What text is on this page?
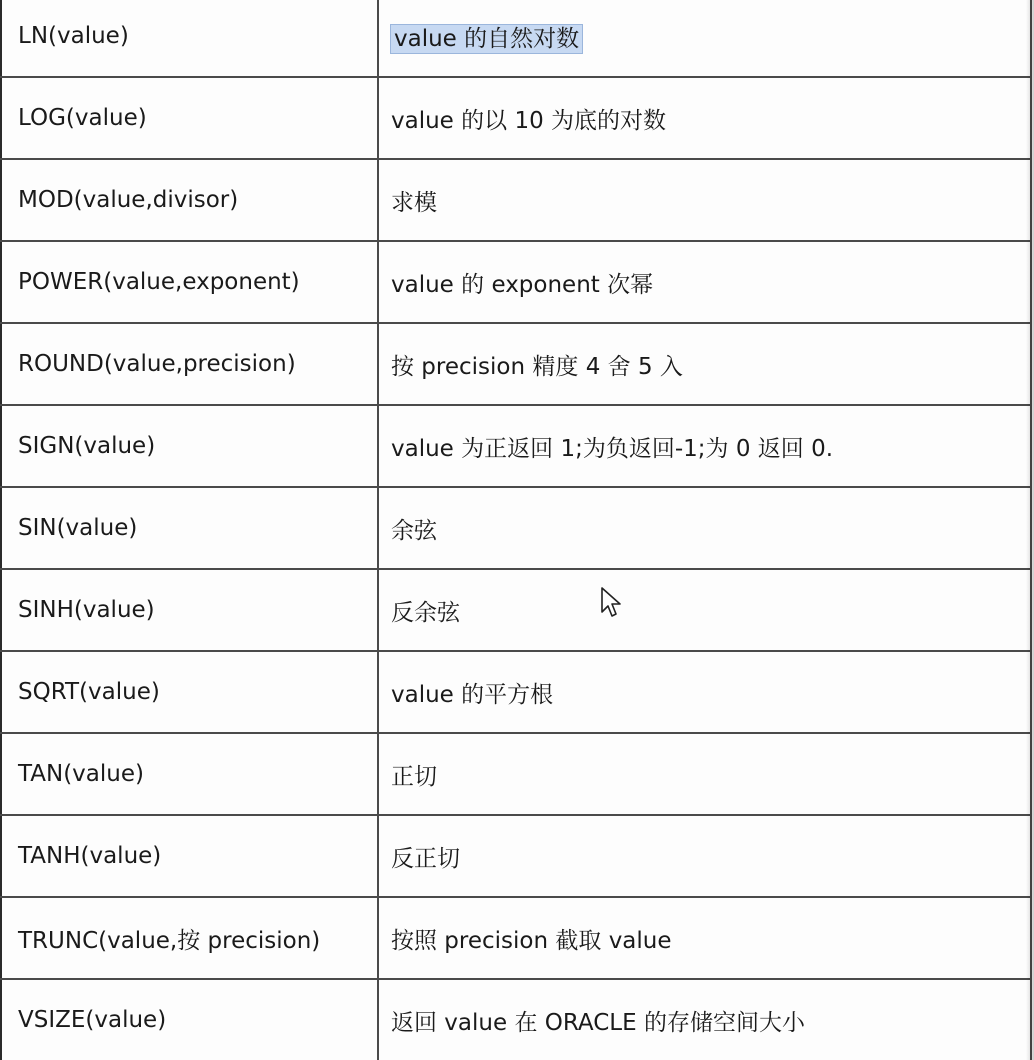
LN(value)	value 的自然对数
LOG(value)	value 的以 10 为底的对数
MOD(value,divisor)	求模
POWER(value,exponent)	value 的 exponent 次幂
ROUND(value,precision)	按 precision 精度 4 舍 5 入
SIGN(value)	value 为正返回 1;为负返回-1;为 0 返回 0.
SIN(value)	余弦
SINH(value)	反余弦
SQRT(value)	value 的平方根
TAN(value)	正切
TANH(value)	反正切
TRUNC(value,按 precision)	按照 precision 截取 value
VSIZE(value)	返回 value 在 ORACLE 的存储空间大小
